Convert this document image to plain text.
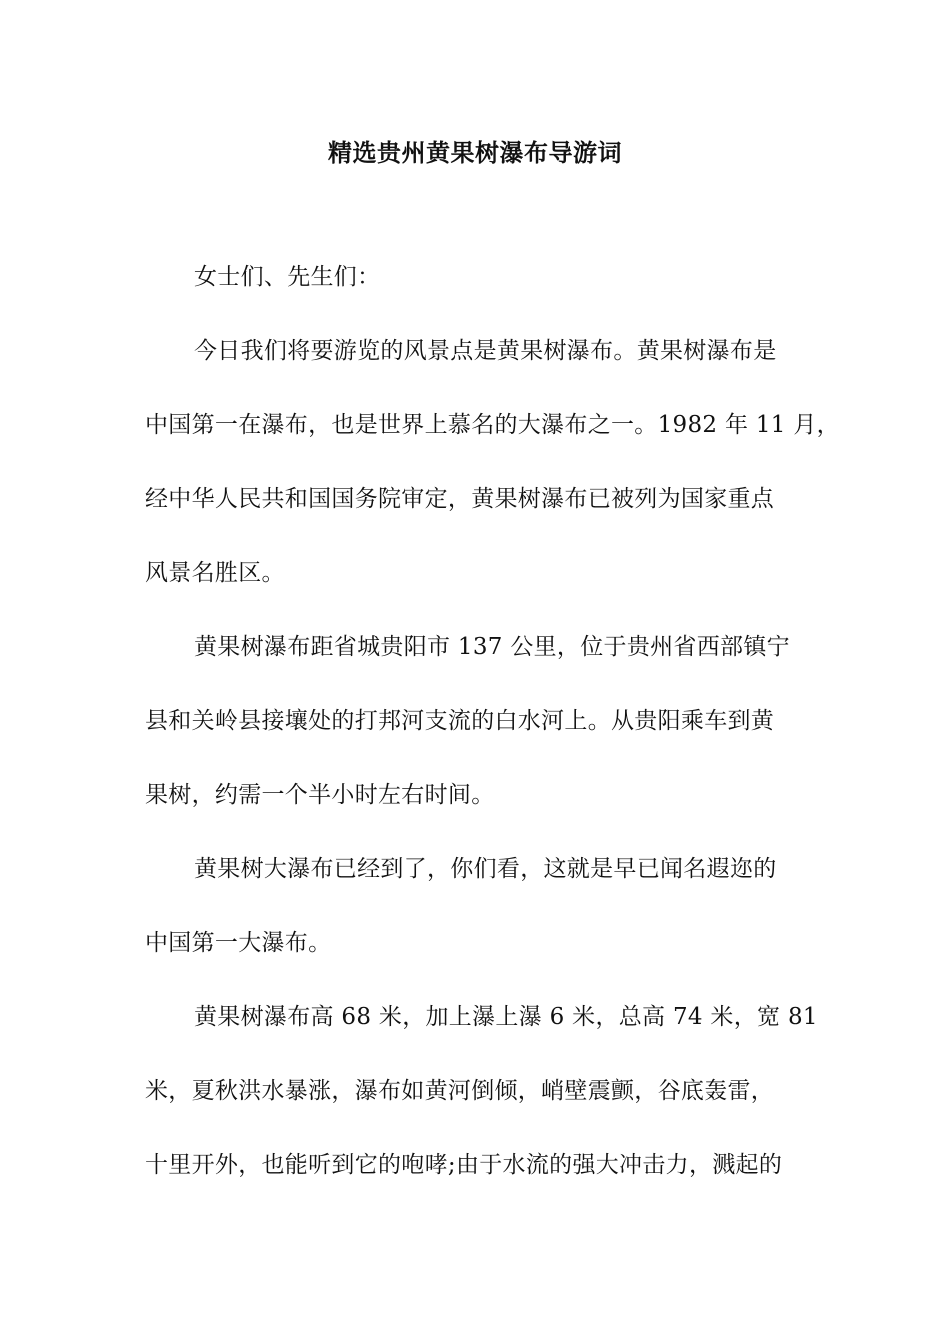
精选贵州黄果树瀑布导游词
女士们、先生们：
今日我们将要游览的风景点是黄果树瀑布。黄果树瀑布是
中国第一在瀑布，也是世界上慕名的大瀑布之一。1982 年 11 月，
经中华人民共和国国务院审定，黄果树瀑布已被列为国家重点
风景名胜区。
黄果树瀑布距省城贵阳市 137 公里，位于贵州省西部镇宁
县和关岭县接壤处的打邦河支流的白水河上。从贵阳乘车到黄
果树，约需一个半小时左右时间。
黄果树大瀑布已经到了，你们看，这就是早已闻名遐迩的
中国第一大瀑布。
黄果树瀑布高 68 米，加上瀑上瀑 6 米，总高 74 米，宽 81
米，夏秋洪水暴涨，瀑布如黄河倒倾，峭壁震颤，谷底轰雷，
十里开外，也能听到它的咆哮;由于水流的强大冲击力，溅起的
